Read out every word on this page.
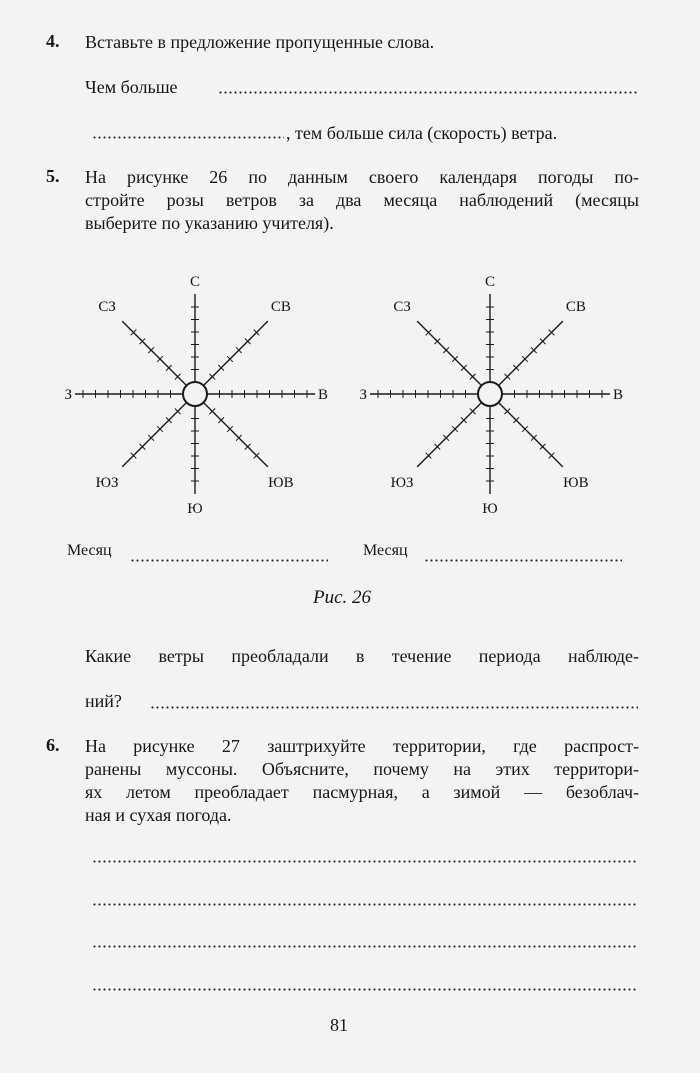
4. Вставьте в предложение пропущенные слова.
Чем больше
, тем больше сила (скорость) ветра.
5. На рисунке 26 по данным своего календаря погоды по-
стройте розы ветров за два месяца наблюдений (месяцы
выберите по указанию учителя).
С
Ю
В
З
СВ
СЗ
ЮВ
ЮЗ
С
Ю
В
З
СВ
СЗ
ЮВ
ЮЗ
Месяц	Месяц
Рис. 26
Какие ветры преобладали в течение периода наблюде-
ний?
6. На рисунке 27 заштрихуйте территории, где распрост-
ранены муссоны. Объясните, почему на этих территори-
ях летом преобладает пасмурная, а зимой — безоблач-
ная и сухая погода.
81
